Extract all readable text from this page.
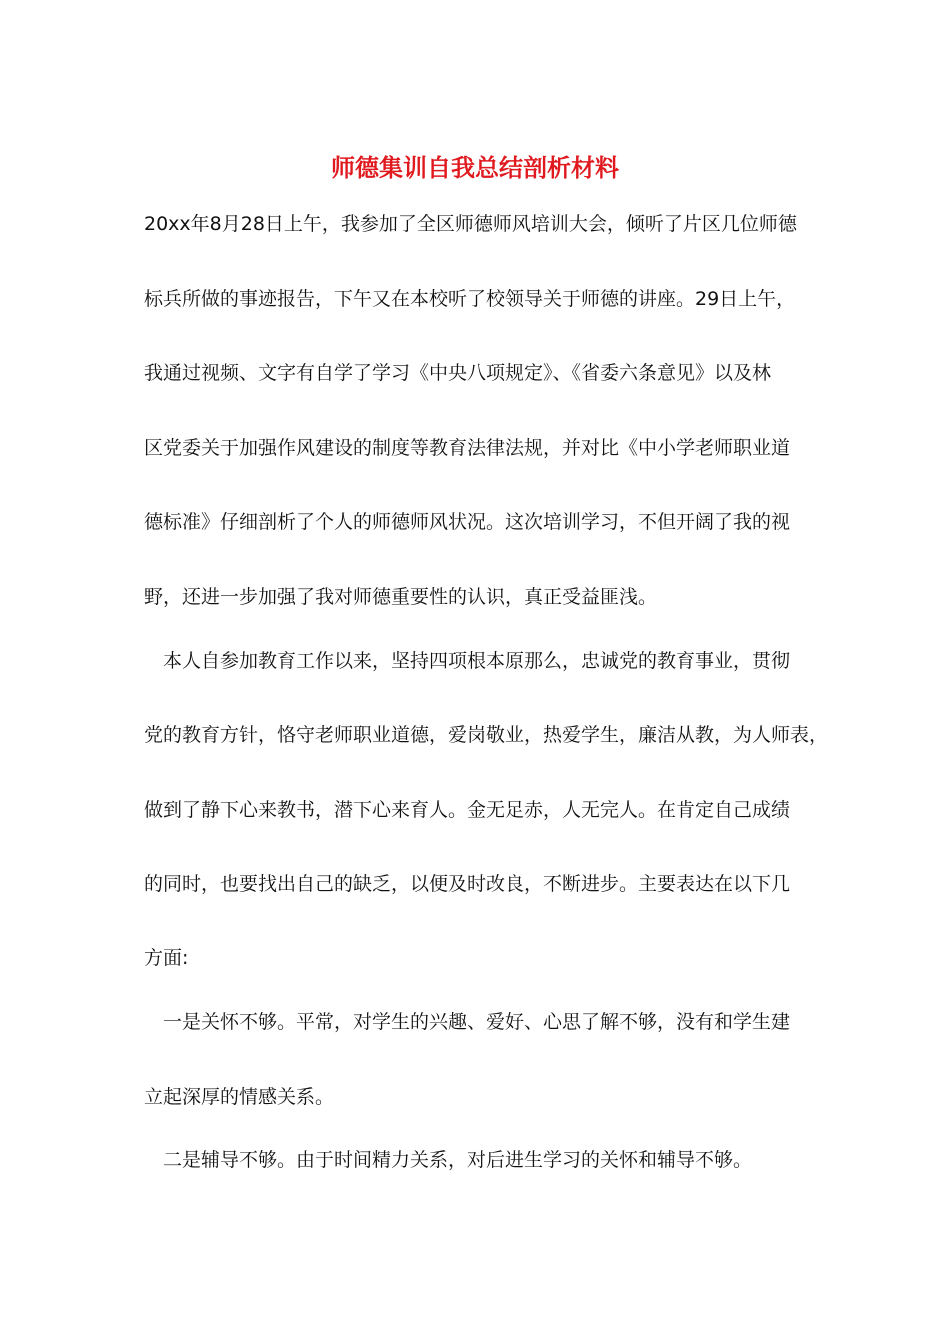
师德集训自我总结剖析材料
20xx年8月28日上午，我参加了全区师德师风培训大会，倾听了片区几位师德
标兵所做的事迹报告，下午又在本校听了校领导关于师德的讲座。29日上午，
我通过视频、文字有自学了学习《中央八项规定》、《省委六条意见》以及林
区党委关于加强作风建设的制度等教育法律法规，并对比《中小学老师职业道
德标准》仔细剖析了个人的师德师风状况。这次培训学习，不但开阔了我的视
野，还进一步加强了我对师德重要性的认识，真正受益匪浅。
本人自参加教育工作以来，坚持四项根本原那么，忠诚党的教育事业，贯彻
党的教育方针，恪守老师职业道德，爱岗敬业，热爱学生，廉洁从教，为人师表，
做到了静下心来教书，潜下心来育人。金无足赤，人无完人。在肯定自己成绩
的同时，也要找出自己的缺乏，以便及时改良，不断进步。主要表达在以下几
方面:
一是关怀不够。平常，对学生的兴趣、爱好、心思了解不够，没有和学生建
立起深厚的情感关系。
二是辅导不够。由于时间精力关系，对后进生学习的关怀和辅导不够。
